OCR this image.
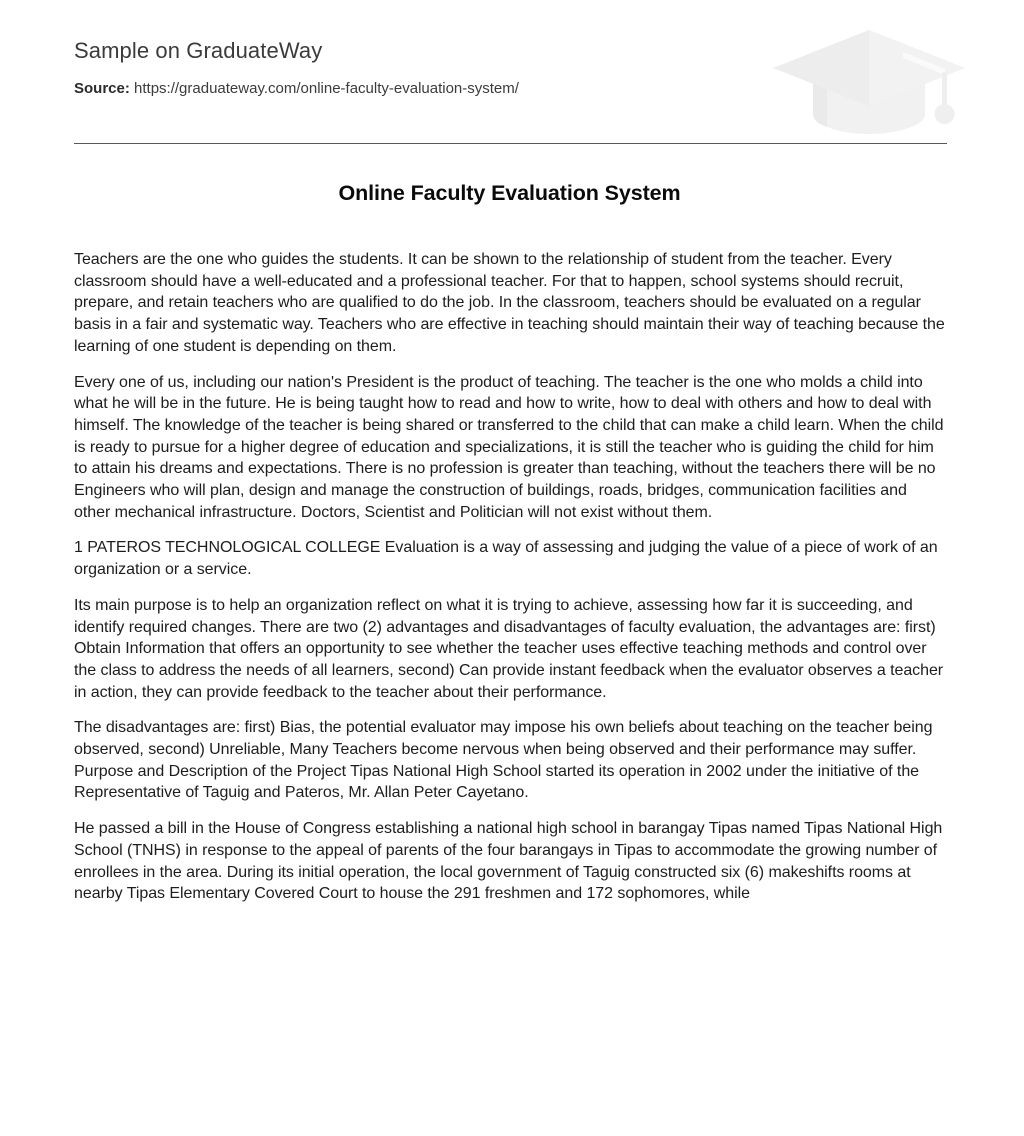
Sample on GraduateWay
Source: https://graduateway.com/online-faculty-evaluation-system/
Online Faculty Evaluation System

Teachers are the one who guides the students. It can be shown to the relationship of student from the teacher. Every classroom should have a well-educated and a professional teacher. For that to happen, school systems should recruit, prepare, and retain teachers who are qualified to do the job. In the classroom, teachers should be evaluated on a regular basis in a fair and systematic way. Teachers who are effective in teaching should maintain their way of teaching because the learning of one student is depending on them.

Every one of us, including our nation's President is the product of teaching. The teacher is the one who molds a child into what he will be in the future. He is being taught how to read and how to write, how to deal with others and how to deal with himself. The knowledge of the teacher is being shared or transferred to the child that can make a child learn. When the child is ready to pursue for a higher degree of education and specializations, it is still the teacher who is guiding the child for him to attain his dreams and expectations. There is no profession is greater than teaching, without the teachers there will be no Engineers who will plan, design and manage the construction of buildings, roads, bridges, communication facilities and other mechanical infrastructure. Doctors, Scientist and Politician will not exist without them.

1 PATEROS TECHNOLOGICAL COLLEGE Evaluation is a way of assessing and judging the value of a piece of work of an organization or a service.

Its main purpose is to help an organization reflect on what it is trying to achieve, assessing how far it is succeeding, and identify required changes. There are two (2) advantages and disadvantages of faculty evaluation, the advantages are: first) Obtain Information that offers an opportunity to see whether the teacher uses effective teaching methods and control over the class to address the needs of all learners, second) Can provide instant feedback when the evaluator observes a teacher in action, they can provide feedback to the teacher about their performance.

The disadvantages are: first) Bias, the potential evaluator may impose his own beliefs about teaching on the teacher being observed, second) Unreliable, Many Teachers become nervous when being observed and their performance may suffer. Purpose and Description of the Project Tipas National High School started its operation in 2002 under the initiative of the Representative of Taguig and Pateros, Mr. Allan Peter Cayetano.

He passed a bill in the House of Congress establishing a national high school in barangay Tipas named Tipas National High School (TNHS) in response to the appeal of parents of the four barangays in Tipas to accommodate the growing number of enrollees in the area. During its initial operation, the local government of Taguig constructed six (6) makeshifts rooms at nearby Tipas Elementary Covered Court to house the 291 freshmen and 172 sophomores, while
